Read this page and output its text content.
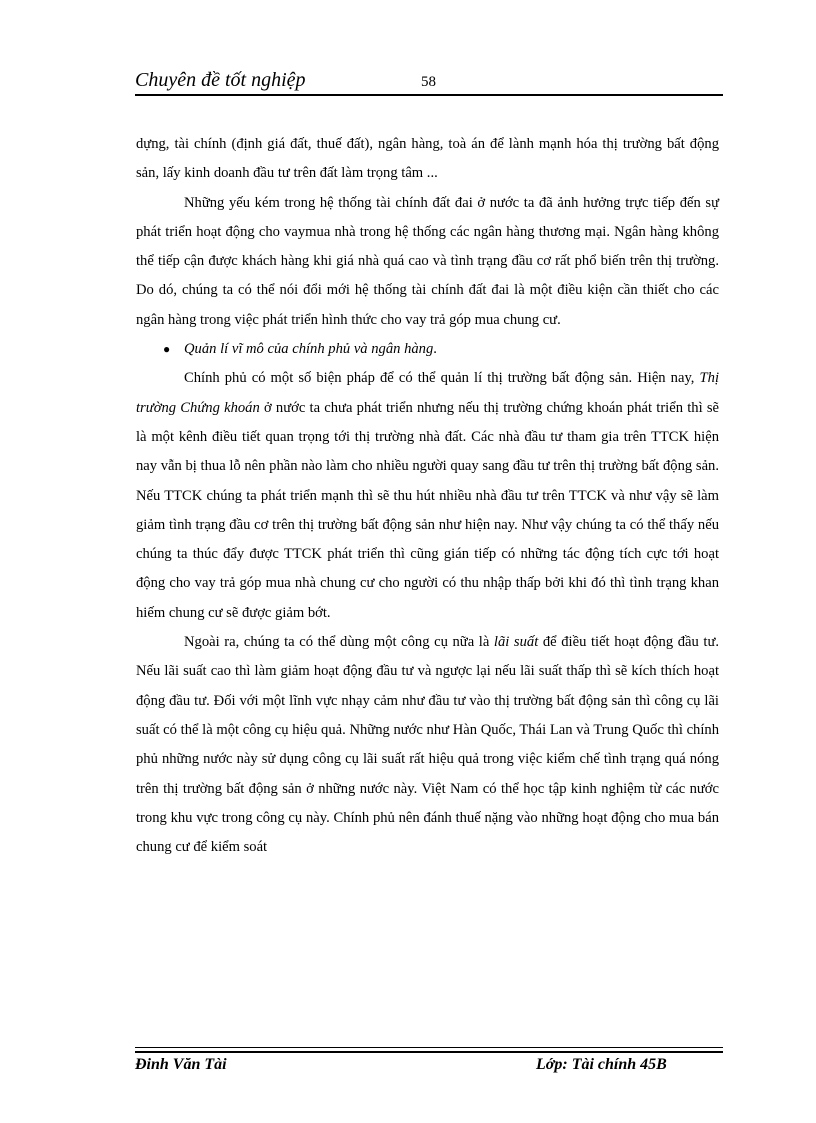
Chuyên đề tốt nghiệp	58

dựng, tài chính (định giá đất, thuế đất), ngân hàng, toà án để lành mạnh hóa thị trường bất động sản, lấy kinh doanh đầu tư trên đất làm trọng tâm ...

Những yếu kém trong hệ thống tài chính đất đai ở nước ta đã ảnh hưởng trực tiếp đến sự phát triển hoạt động cho vaymua nhà trong hệ thống các ngân hàng thương mại. Ngân hàng không thể tiếp cận được khách hàng khi giá nhà quá cao và tình trạng đầu cơ rất phổ biến trên thị trường. Do dó, chúng ta có thể nói đổi mới hệ thống tài chính đất đai là một điều kiện cần thiết cho các ngân hàng trong việc phát triển hình thức cho vay trả góp mua chung cư.

● Quản lí vĩ mô của chính phủ và ngân hàng.

Chính phủ có một số biện pháp để có thể quản lí thị trường bất động sản. Hiện nay, Thị trường Chứng khoán ở nước ta chưa phát triển nhưng nếu thị trường chứng khoán phát triển thì sẽ là một kênh điều tiết quan trọng tới thị trường nhà đất. Các nhà đầu tư tham gia trên TTCK hiện nay vẫn bị thua lỗ nên phần nào làm cho nhiều người quay sang đầu tư trên thị trường bất động sản. Nếu TTCK chúng ta phát triển mạnh thì sẽ thu hút nhiều nhà đầu tư trên TTCK và như vậy sẽ làm giảm tình trạng đầu cơ trên thị trường bất động sản như hiện nay. Như vậy chúng ta có thể thấy nếu chúng ta thúc đẩy được TTCK phát triển thì cũng gián tiếp có những tác động tích cực tới hoạt động cho vay trả góp mua nhà chung cư cho người có thu nhập thấp bởi khi đó thì tình trạng khan hiếm chung cư sẽ được giảm bớt.

Ngoài ra, chúng ta có thể dùng một công cụ nữa là lãi suất để điều tiết hoạt động đầu tư. Nếu lãi suất cao thì làm giảm hoạt động đầu tư và ngược lại nếu lãi suất thấp thì sẽ kích thích hoạt động đầu tư. Đối với một lĩnh vực nhạy cảm như đầu tư vào thị trường bất động sản thì công cụ lãi suất có thể là một công cụ hiệu quả. Những nước như Hàn Quốc, Thái Lan và Trung Quốc thì chính phủ những nước này sử dụng công cụ lãi suất rất hiệu quả trong việc kiểm chế tình trạng quá nóng trên thị trường bất động sản ở những nước này. Việt Nam có thể học tập kinh nghiệm từ các nước trong khu vực trong công cụ này. Chính phủ nên đánh thuế nặng vào những hoạt động cho mua bán chung cư để kiểm soát

Đinh Văn Tài	Lớp: Tài chính 45B
